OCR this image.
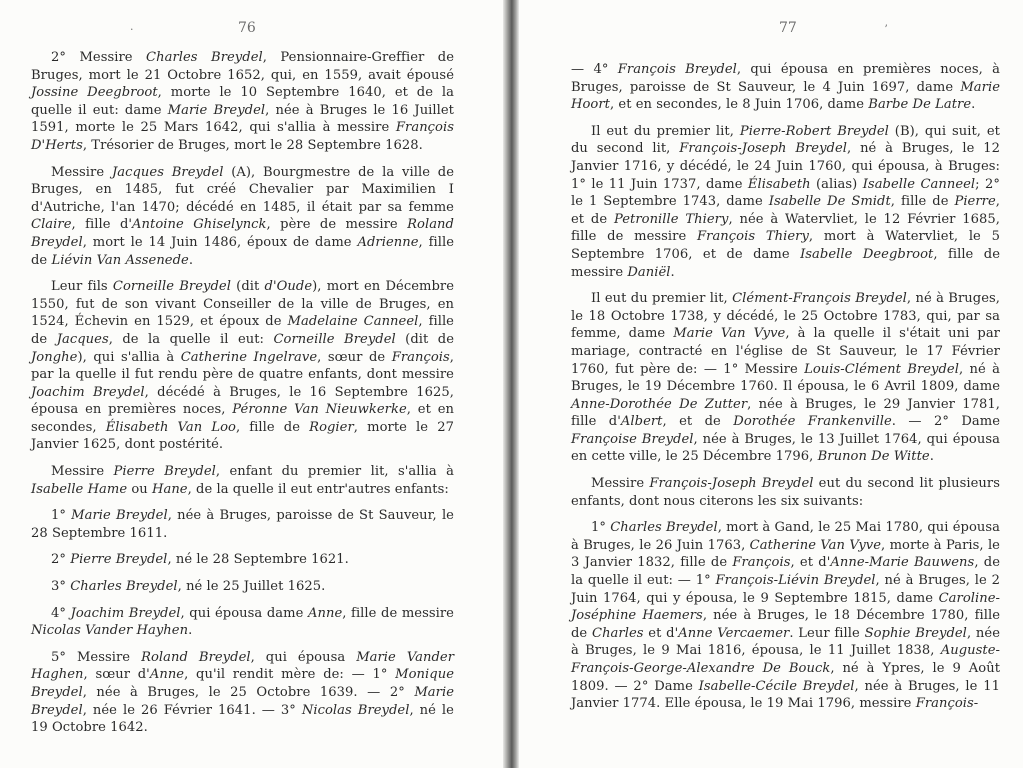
·	76

2° Messire Charles Breydel, Pensionnaire-Greffier de Bruges, mort le 21 Octobre 1652, qui, en 1559, avait épousé Jossine Deegbroot, morte le 10 Septembre 1640, et de la quelle il eut: dame Marie Breydel, née à Bruges le 16 Juillet 1591, morte le 25 Mars 1642, qui s'allia à messire François D'Herts, Trésorier de Bruges, mort le 28 Septembre 1628.

Messire Jacques Breydel (A), Bourgmestre de la ville de Bruges, en 1485, fut créé Chevalier par Maximilien I d'Autriche, l'an 1470; décédé en 1485, il était par sa femme Claire, fille d'Antoine Ghiselynck, père de messire Roland Breydel, mort le 14 Juin 1486, époux de dame Adrienne, fille de Liévin Van Assenede.

Leur fils Corneille Breydel (dit d'Oude), mort en Décembre 1550, fut de son vivant Conseiller de la ville de Bruges, en 1524, Échevin en 1529, et époux de Madelaine Canneel, fille de Jacques, de la quelle il eut: Corneille Breydel (dit de Jonghe), qui s'allia à Catherine Ingelrave, sœur de François, par la quelle il fut rendu père de quatre enfants, dont messire Joachim Breydel, décédé à Bruges, le 16 Septembre 1625, épousa en premières noces, Péronne Van Nieuwkerke, et en secondes, Élisabeth Van Loo, fille de Rogier, morte le 27 Janvier 1625, dont postérité.

Messire Pierre Breydel, enfant du premier lit, s'allia à Isabelle Hame ou Hane, de la quelle il eut entr'autres enfants:

1° Marie Breydel, née à Bruges, paroisse de St Sauveur, le 28 Septembre 1611.

2° Pierre Breydel, né le 28 Septembre 1621.

3° Charles Breydel, né le 25 Juillet 1625.

4° Joachim Breydel, qui épousa dame Anne, fille de messire Nicolas Vander Hayhen.

5° Messire Roland Breydel, qui épousa Marie Vander Haghen, sœur d'Anne, qu'il rendit mère de: — 1° Monique Breydel, née à Bruges, le 25 Octobre 1639. — 2° Marie Breydel, née le 26 Février 1641. — 3° Nicolas Breydel, né le 19 Octobre 1642.

77	ʼ

— 4° François Breydel, qui épousa en premières noces, à Bruges, paroisse de St Sauveur, le 4 Juin 1697, dame Marie Hoort, et en secondes, le 8 Juin 1706, dame Barbe De Latre.

Il eut du premier lit, Pierre-Robert Breydel (B), qui suit, et du second lit, François-Joseph Breydel, né à Bruges, le 12 Janvier 1716, y décédé, le 24 Juin 1760, qui épousa, à Bruges: 1° le 11 Juin 1737, dame Élisabeth (alias) Isabelle Canneel; 2° le 1 Septembre 1743, dame Isabelle De Smidt, fille de Pierre, et de Petronille Thiery, née à Watervliet, le 12 Février 1685, fille de messire François Thiery, mort à Watervliet, le 5 Septembre 1706, et de dame Isabelle Deegbroot, fille de messire Daniël.

Il eut du premier lit, Clément-François Breydel, né à Bruges, le 18 Octobre 1738, y décédé, le 25 Octobre 1783, qui, par sa femme, dame Marie Van Vyve, à la quelle il s'était uni par mariage, contracté en l'église de St Sauveur, le 17 Février 1760, fut père de: — 1° Messire Louis-Clément Breydel, né à Bruges, le 19 Décembre 1760. Il épousa, le 6 Avril 1809, dame Anne-Dorothée De Zutter, née à Bruges, le 29 Janvier 1781, fille d'Albert, et de Dorothée Frankenville. — 2° Dame Françoise Breydel, née à Bruges, le 13 Juillet 1764, qui épousa en cette ville, le 25 Décembre 1796, Brunon De Witte.

Messire François-Joseph Breydel eut du second lit plusieurs enfants, dont nous citerons les six suivants:

1° Charles Breydel, mort à Gand, le 25 Mai 1780, qui épousa à Bruges, le 26 Juin 1763, Catherine Van Vyve, morte à Paris, le 3 Janvier 1832, fille de François, et d'Anne-Marie Bauwens, de la quelle il eut: — 1° François-Liévin Breydel, né à Bruges, le 2 Juin 1764, qui y épousa, le 9 Septembre 1815, dame Caroline-Joséphine Haemers, née à Bruges, le 18 Décembre 1780, fille de Charles et d'Anne Vercaemer. Leur fille Sophie Breydel, née à Bruges, le 9 Mai 1816, épousa, le 11 Juillet 1838, Auguste-François-George-Alexandre De Bouck, né à Ypres, le 9 Août 1809. — 2° Dame Isabelle-Cécile Breydel, née à Bruges, le 11 Janvier 1774. Elle épousa, le 19 Mai 1796, messire François-
